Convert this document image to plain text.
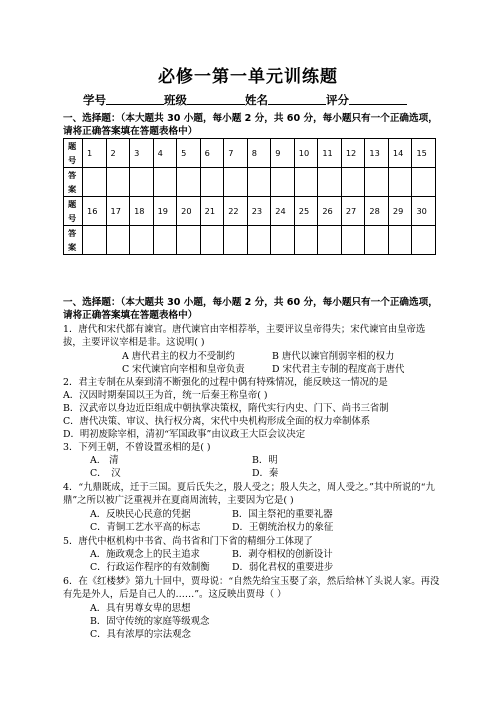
必修一第一单元训练题
学号	班级	姓名	评分
一、选择题：（本大题共 30 小题，每小题 2 分，共 60 分，每小题只有一个正确选项，请将正确答案填在答题表格中）
题号	1	2	3	4	5	6	7	8	9	10	11	12	13	14	15
答案															
题号	16	17	18	19	20	21	22	23	24	25	26	27	28	29	30
答案															
一、选择题：（本大题共 30 小题，每小题 2 分，共 60 分，每小题只有一个正确选项，请将正确答案填在答题表格中）
1．唐代和宋代都有谏官。唐代谏官由宰相荐举，主要评议皇帝得失；宋代谏官由皇帝选拔，主要评议宰相是非。这说明( )
A 唐代君主的权力不受制约	B 唐代以谏官削弱宰相的权力
C 宋代谏官向宰相和皇帝负责	D 宋代君主专制的程度高于唐代
2．君主专制在从秦到清不断强化的过程中偶有特殊情况，能反映这一情况的是
A．汉因时期秦国以王为首，统一后秦王称皇帝( )
B．汉武帝以身边近臣组成中朝执掌决策权，隋代实行内史、门下、尚书三省制
C．唐代决策、审议、执行权分离，宋代中央机构形成全面的权力牵制体系
D．明初废除宰相，清初“军国政事”由议政王大臣会议决定
3．下列王朝，不曾设置丞相的是( )
A.　清	B．明
C．　汉	D．秦
4．“九鼎既成，迁于三国。夏后氏失之，殷人受之；殷人失之，周人受之。”其中所说的“九鼎”之所以被广泛重视并在夏商周流转，主要因为它是( )
A．反映民心民意的凭据	B．国主祭祀的重要礼器
C．青铜工艺水平高的标志	D．王朝统治权力的象征
5．唐代中枢机构中书省、尚书省和门下省的精细分工体现了
A．施政观念上的民主追求	B．剥夺相权的创新设计
C．行政运作程序的有效制衡 D．弱化君权的重要进步
6．在《红楼梦》第九十回中，贾母说：“自然先给宝玉娶了亲，然后给林丫头说人家。再没有先是外人，后是自己人的……”。这反映出贾母（ ）
A．具有男尊女卑的思想
B．固守传统的家庭等级观念
C．具有浓厚的宗法观念
